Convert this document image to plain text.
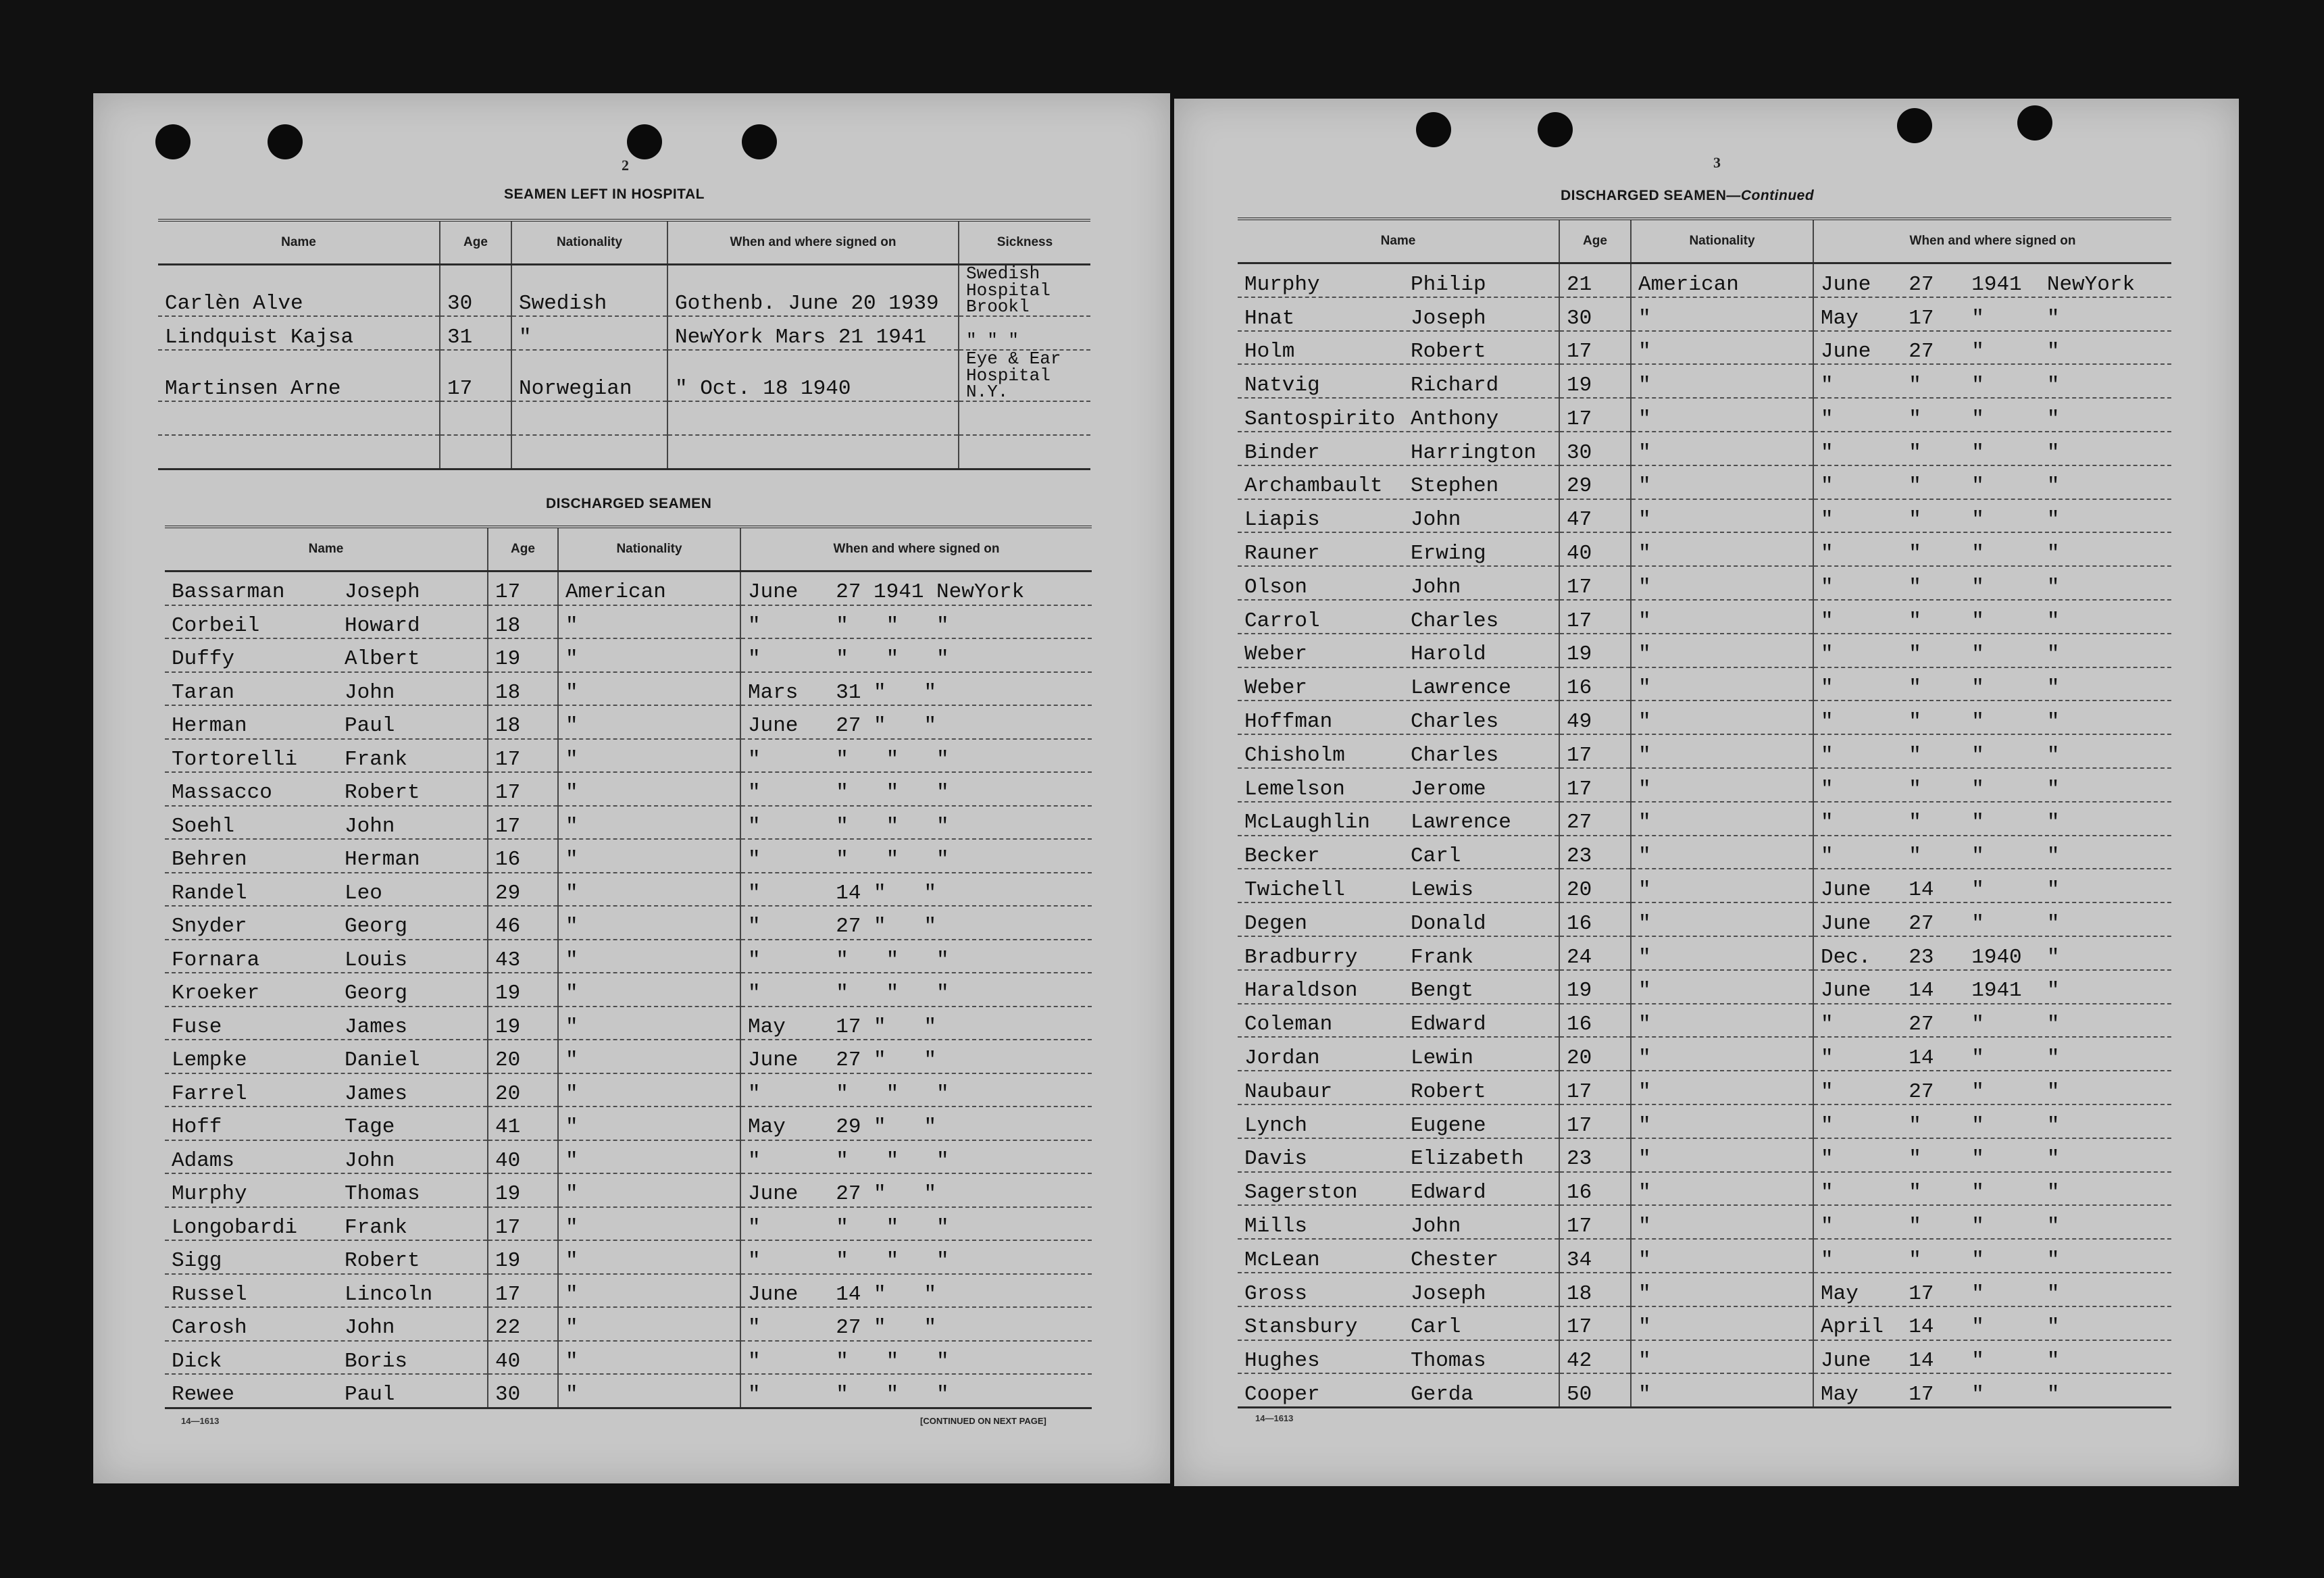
2
SEAMEN LEFT IN HOSPITAL
Name	Age	Nationality	When and where signed on	Sickness
Carlèn Alve	30	Swedish	Gothenb. June 20 1939	Swedish Hospital Brookl
Lindquist Kajsa	31	"	NewYork Mars 21 1941	" " "
Martinsen Arne	17	Norwegian	" Oct. 18 1940	Eye & Ear Hospital N.Y.

DISCHARGED SEAMEN
Name	Age	Nationality	When and where signed on
Bassarman Joseph	17	American	June   27 1941 NewYork
Corbeil Howard	18	"	"      "   "   "
Duffy Albert	19	"	"      "   "   "
Taran John	18	"	Mars   31 "   "
Herman Paul	18	"	June   27 "   "
Tortorelli Frank	17	"	"      "   "   "
Massacco Robert	17	"	"      "   "   "
Soehl John	17	"	"      "   "   "
Behren Herman	16	"	"      "   "   "
Randel Leo	29	"	"      14 "   "
Snyder Georg	46	"	"      27 "   "
Fornara Louis	43	"	"      "   "   "
Kroeker Georg	19	"	"      "   "   "
Fuse James	19	"	May    17 "   "
Lempke Daniel	20	"	June   27 "   "
Farrel James	20	"	"      "   "   "
Hoff Tage	41	"	May    29 "   "
Adams John	40	"	"      "   "   "
Murphy Thomas	19	"	June   27 "   "
Longobardi Frank	17	"	"      "   "   "
Sigg Robert	19	"	"      "   "   "
Russel Lincoln	17	"	June   14 "   "
Carosh John	22	"	"      27 "   "
Dick Boris	40	"	"      "   "   "
Rewee Paul	30	"	"      "   "   "
14—1613	[CONTINUED ON NEXT PAGE]
3
DISCHARGED SEAMEN—Continued
Name	Age	Nationality	When and where signed on
Murphy Philip	21	American	June   27   1941  NewYork
Hnat Joseph	30	"	May    17   "     "
Holm Robert	17	"	June   27   "     "
Natvig Richard	19	"	"      "    "     "
Santospirito Anthony	17	"	"      "    "     "
Binder Harrington	30	"	"      "    "     "
Archambault Stephen	29	"	"      "    "     "
Liapis John	47	"	"      "    "     "
Rauner Erwing	40	"	"      "    "     "
Olson John	17	"	"      "    "     "
Carrol Charles	17	"	"      "    "     "
Weber Harold	19	"	"      "    "     "
Weber Lawrence	16	"	"      "    "     "
Hoffman Charles	49	"	"      "    "     "
Chisholm Charles	17	"	"      "    "     "
Lemelson Jerome	17	"	"      "    "     "
McLaughlin Lawrence	27	"	"      "    "     "
Becker Carl	23	"	"      "    "     "
Twichell Lewis	20	"	June   14   "     "
Degen Donald	16	"	June   27   "     "
Bradburry Frank	24	"	Dec.   23   1940  "
Haraldson Bengt	19	"	June   14   1941  "
Coleman Edward	16	"	"      27   "     "
Jordan Lewin	20	"	"      14   "     "
Naubaur Robert	17	"	"      27   "     "
Lynch Eugene	17	"	"      "    "     "
Davis Elizabeth	23	"	"      "    "     "
Sagerston Edward	16	"	"      "    "     "
Mills John	17	"	"      "    "     "
McLean Chester	34	"	"      "    "     "
Gross Joseph	18	"	May    17   "     "
Stansbury Carl	17	"	April  14   "     "
Hughes Thomas	42	"	June   14   "     "
Cooper Gerda	50	"	May    17   "     "
14—1613
